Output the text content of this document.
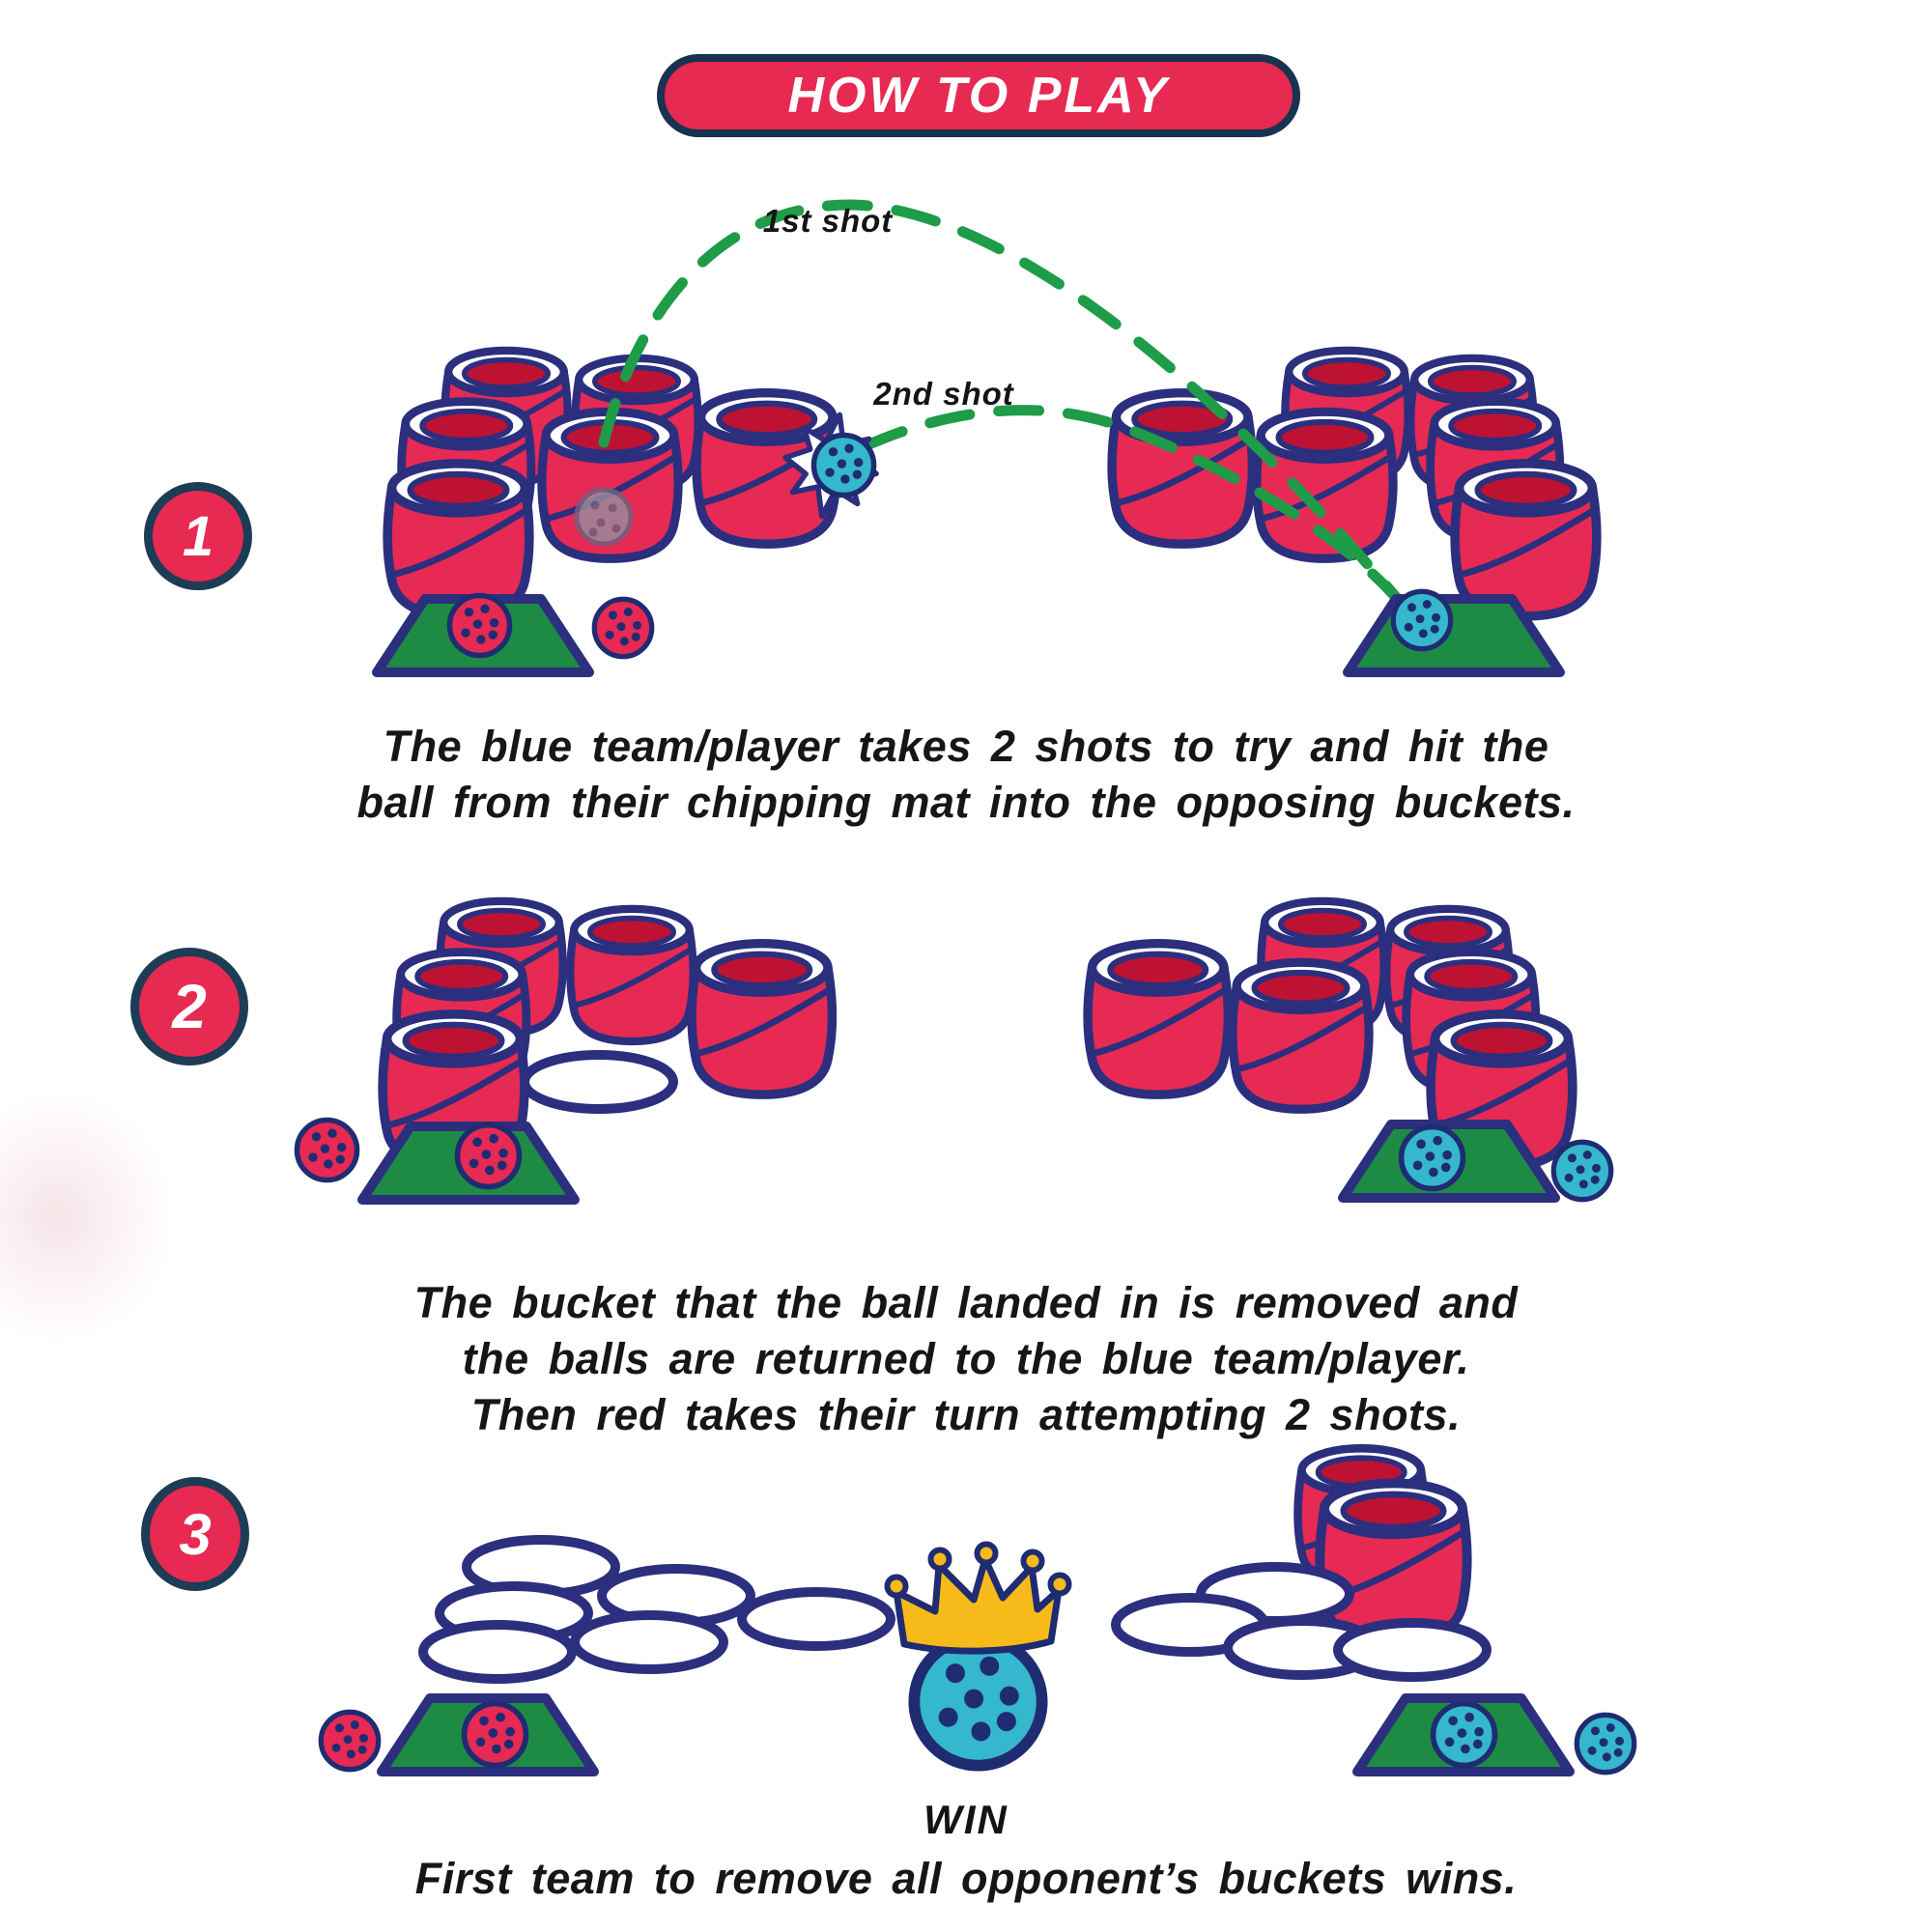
HOW TO PLAY
1
2
3
1st shot
2nd shot
The blue team/player takes 2 shots to try and hit the
ball from their chipping mat into the opposing buckets.
The bucket that the ball landed in is removed and
the balls are returned to the blue team/player.
Then red takes their turn attempting 2 shots.
WIN
First team to remove all opponent’s buckets wins.
